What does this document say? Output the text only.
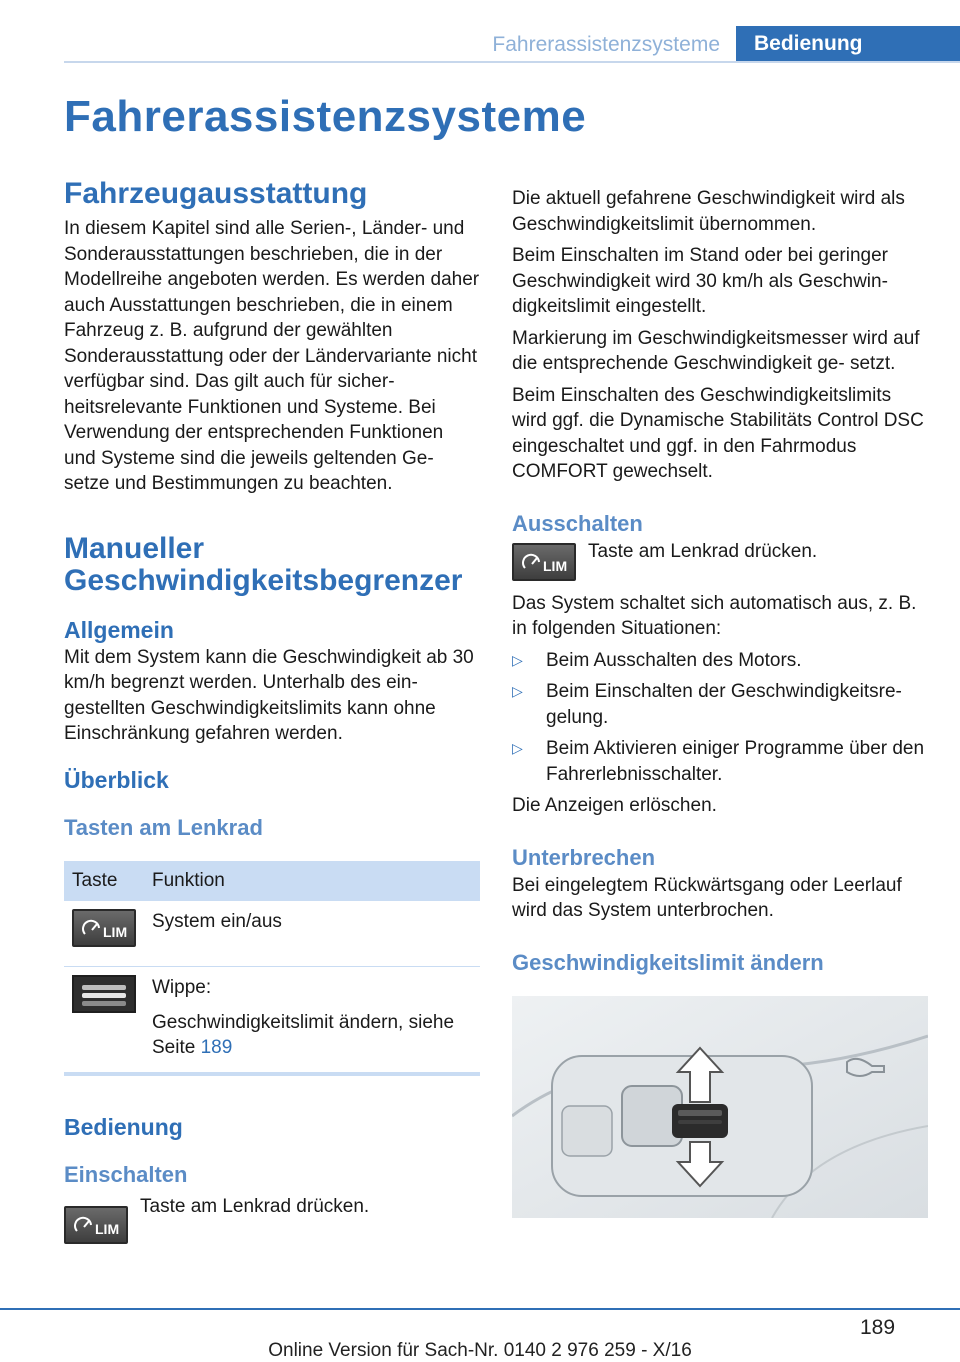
Fahrerassistenzsysteme	Bedienung
Fahrerassistenzsysteme
Fahrzeugausstattung

In diesem Kapitel sind alle Serien-, Länder- und Sonderausstattungen beschrieben, die in der Modellreihe angeboten werden. Es werden daher auch Ausstattungen beschrieben, die in einem Fahrzeug z. B. aufgrund der gewählten Sonderausstattung oder der Ländervariante nicht verfügbar sind. Das gilt auch für sicher- heitsrelevante Funktionen und Systeme. Bei Verwendung der entsprechenden Funktionen und Systeme sind die jeweils geltenden Ge- setze und Bestimmungen zu beachten.

Manueller
Geschwindigkeitsbegrenzer
Allgemein

Mit dem System kann die Geschwindigkeit ab 30 km/h begrenzt werden. Unterhalb des ein- gestellten Geschwindigkeitslimits kann ohne Einschränkung gefahren werden.

Überblick
Tasten am Lenkrad
Taste	Funktion

LIM	System ein/aus

	Wippe:
Geschwindigkeitslimit ändern, siehe Seite 189
Bedienung
Einschalten
LIM
Taste am Lenkrad drücken.

Die aktuell gefahrene Geschwindigkeit wird als Geschwindigkeitslimit übernommen.

Beim Einschalten im Stand oder bei geringer Geschwindigkeit wird 30 km/h als Geschwin- digkeitslimit eingestellt.

Markierung im Geschwindigkeitsmesser wird auf die entsprechende Geschwindigkeit ge- setzt.

Beim Einschalten des Geschwindigkeitslimits wird ggf. die Dynamische Stabilitäts Control DSC eingeschaltet und ggf. in den Fahrmodus COMFORT gewechselt.

Ausschalten
LIM
Taste am Lenkrad drücken.

Das System schaltet sich automatisch aus, z. B. in folgenden Situationen:

▷ Beim Ausschalten des Motors.
▷ Beim Einschalten der Geschwindigkeitsre- gelung.
▷ Beim Aktivieren einiger Programme über den Fahrerlebnisschalter.

Die Anzeigen erlöschen.

Unterbrechen

Bei eingelegtem Rückwärtsgang oder Leerlauf wird das System unterbrochen.

Geschwindigkeitslimit ändern
189
Online Version für Sach-Nr. 0140 2 976 259 - X/16
